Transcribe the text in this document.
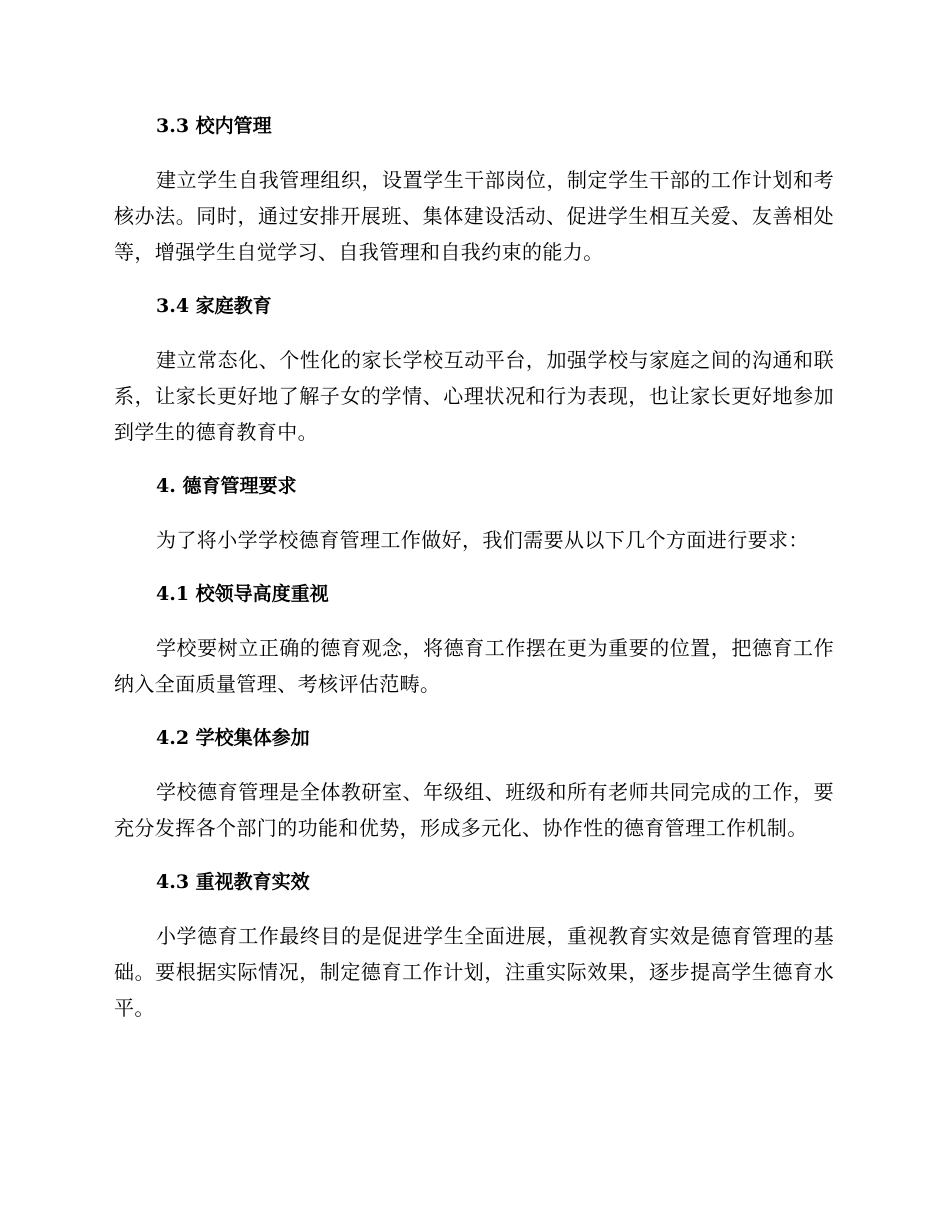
3.3 校内管理

建立学生自我管理组织，设置学生干部岗位，制定学生干部的工作计划和考核办法。同时，通过安排开展班、集体建设活动、促进学生相互关爱、友善相处等，增强学生自觉学习、自我管理和自我约束的能力。

3.4 家庭教育

建立常态化、个性化的家长学校互动平台，加强学校与家庭之间的沟通和联系，让家长更好地了解子女的学情、心理状况和行为表现，也让家长更好地参加到学生的德育教育中。

4. 德育管理要求

为了将小学学校德育管理工作做好，我们需要从以下几个方面进行要求：

4.1 校领导高度重视

学校要树立正确的德育观念，将德育工作摆在更为重要的位置，把德育工作纳入全面质量管理、考核评估范畴。

4.2 学校集体参加

学校德育管理是全体教研室、年级组、班级和所有老师共同完成的工作，要充分发挥各个部门的功能和优势，形成多元化、协作性的德育管理工作机制。

4.3 重视教育实效

小学德育工作最终目的是促进学生全面进展，重视教育实效是德育管理的基础。要根据实际情况，制定德育工作计划，注重实际效果，逐步提高学生德育水平。
